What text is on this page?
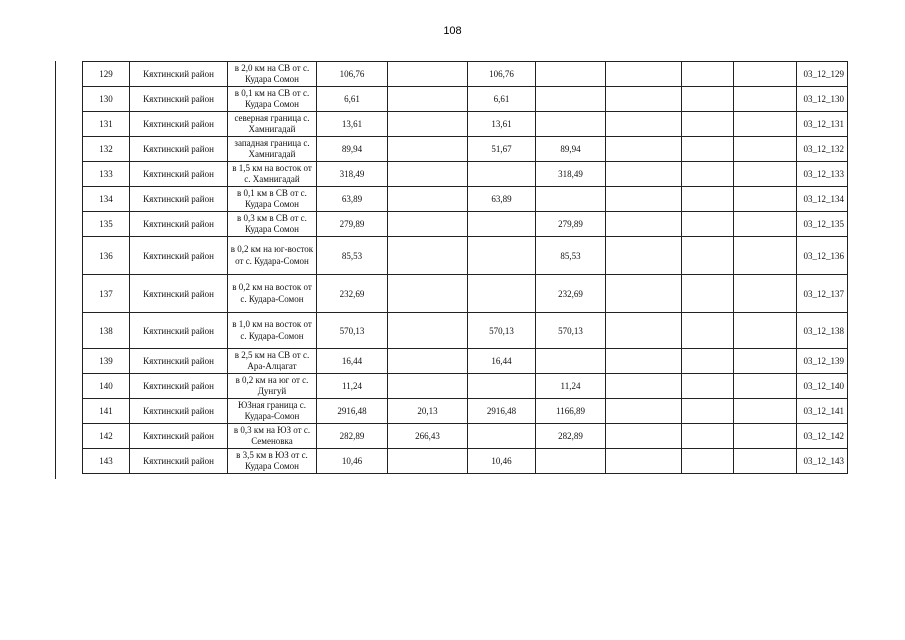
108
129	Кяхтинский район	в 2,0 км на СВ от с. Кудара Сомон	106,76		106,76					03_12_129
130	Кяхтинский район	в 0,1 км на СВ от с. Кудара Сомон	6,61		6,61					03_12_130
131	Кяхтинский район	северная граница с. Хамнигадай	13,61		13,61					03_12_131
132	Кяхтинский район	западная граница с. Хамнигадай	89,94		51,67	89,94				03_12_132
133	Кяхтинский район	в 1,5 км на восток от с. Хамнигадай	318,49			318,49				03_12_133
134	Кяхтинский район	в 0,1 км в СВ от с. Кудара Сомон	63,89		63,89					03_12_134
135	Кяхтинский район	в 0,3 км в СВ от с. Кудара Сомон	279,89			279,89				03_12_135
136	Кяхтинский район	в 0,2 км на юг-восток от с. Кудара-Сомон	85,53			85,53				03_12_136
137	Кяхтинский район	в 0,2 км на восток от с. Кудара-Сомон	232,69			232,69				03_12_137
138	Кяхтинский район	в 1,0 км на восток от с. Кудара-Сомон	570,13		570,13	570,13				03_12_138
139	Кяхтинский район	в 2,5 км на СВ от с. Ара-Алцагат	16,44		16,44					03_12_139
140	Кяхтинский район	в 0,2 км на юг от с. Дунгуй	11,24			11,24				03_12_140
141	Кяхтинский район	ЮЗная граница с. Кудара-Сомон	2916,48	20,13	2916,48	1166,89				03_12_141
142	Кяхтинский район	в 0,3 км на ЮЗ от с. Семеновка	282,89	266,43		282,89				03_12_142
143	Кяхтинский район	в 3,5 км в ЮЗ от с. Кудара Сомон	10,46		10,46					03_12_143
